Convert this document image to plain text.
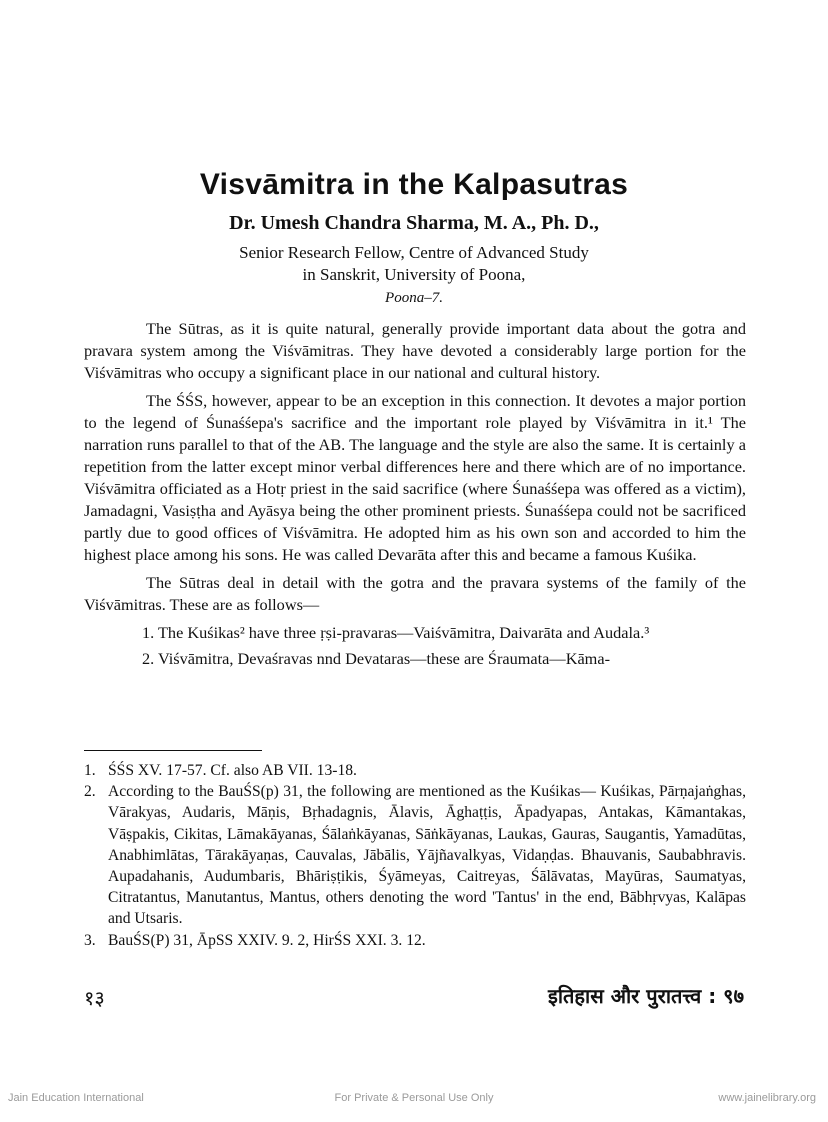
Visvāmitra in the Kalpasutras
Dr. Umesh Chandra Sharma, M. A., Ph. D.,
Senior Research Fellow, Centre of Advanced Study
in Sanskrit, University of Poona,
Poona–7.

The Sūtras, as it is quite natural, generally provide important data about the gotra and pravara system among the Viśvāmitras. They have devoted a considerably large portion for the Viśvāmitras who occupy a significant place in our national and cultural history.

The ŚŚS, however, appear to be an exception in this connection. It devotes a major portion to the legend of Śunaśśepa's sacrifice and the important role played by Viśvāmitra in it.¹ The narration runs parallel to that of the AB. The language and the style are also the same. It is certainly a repetition from the latter except minor verbal differences here and there which are of no importance. Viśvāmitra officiated as a Hotṛ priest in the said sacrifice (where Śunaśśepa was offered as a victim), Jamadagni, Vasiṣṭha and Ayāsya being the other prominent priests. Śunaśśepa could not be sacrificed partly due to good offices of Viśvāmitra. He adopted him as his own son and accorded to him the highest place among his sons. He was called Devarāta after this and became a famous Kuśika.

The Sūtras deal in detail with the gotra and the pravara systems of the family of the Viśvāmitras. These are as follows—

1. The Kuśikas² have three ṛṣi-pravaras—Vaiśvāmitra, Daivarāta and Audala.³

2. Viśvāmitra, Devaśravas nnd Devataras—these are Śraumata—Kāma-

1. ŚŚS XV. 17-57. Cf. also AB VII. 13-18.
2. According to the BauŚS(p) 31, the following are mentioned as the Kuśikas— Kuśikas, Pārṇajaṅghas, Vārakyas, Audaris, Māṇis, Bṛhadagnis, Ālavis, Āghaṭṭis, Āpadyapas, Antakas, Kāmantakas, Vāṣpakis, Cikitas, Lāmakāyanas, Śālaṅkāyanas, Sāṅkāyanas, Laukas, Gauras, Saugantis, Yamadūtas, Anabhimlātas, Tārakāyaṇas, Cauvalas, Jābālis, Yājñavalkyas, Vidaṇḍas. Bhauvanis, Saubabhravis. Aupadahanis, Audumbaris, Bhāriṣṭikis, Śyāmeyas, Caitreyas, Śālāvatas, Mayūras, Saumatyas, Citratantus, Manutantus, Mantus, others denoting the word 'Tantus' in the end, Bābhṛvyas, Kalāpas and Utsaris.
3. BauŚS(P) 31, ĀpSS XXIV. 9. 2, HirŚS XXI. 3. 12.
१३	इतिहास और पुरातत्त्व : ९७
Jain Education International	For Private & Personal Use Only	www.jainelibrary.org
